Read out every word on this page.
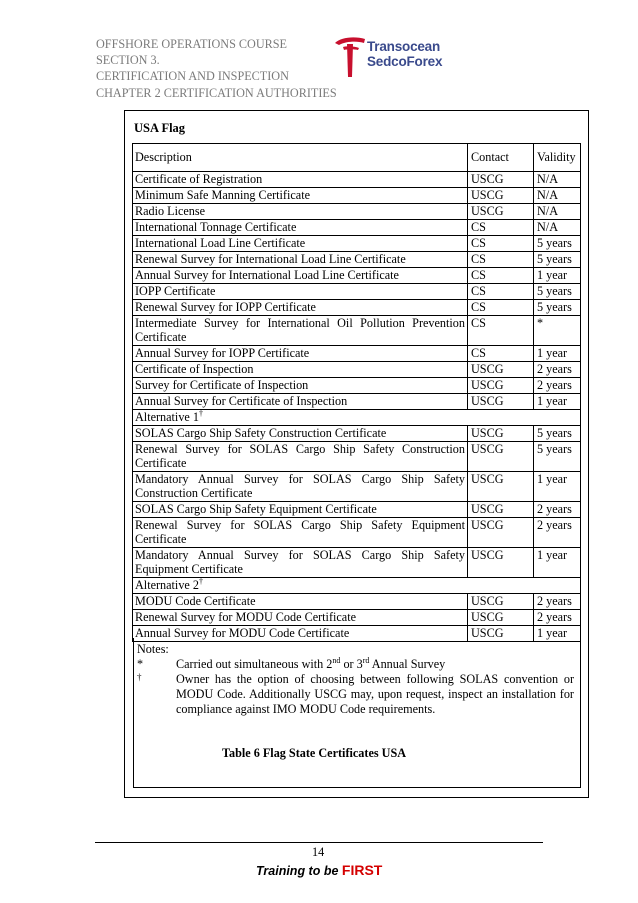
OFFSHORE OPERATIONS COURSE
SECTION 3.
CERTIFICATION AND INSPECTION
CHAPTER 2 CERTIFICATION AUTHORITIES
Transocean
SedcoForex
USA Flag
Description	Contact	Validity
Certificate of Registration	USCG	N/A
Minimum Safe Manning Certificate	USCG	N/A
Radio License	USCG	N/A
International Tonnage Certificate	CS	N/A
International Load Line Certificate	CS	5 years
Renewal Survey for International Load Line Certificate	CS	5 years
Annual Survey for International Load Line Certificate	CS	1 year
IOPP Certificate	CS	5 years
Renewal Survey for IOPP Certificate	CS	5 years
Intermediate Survey for International Oil Pollution Prevention Certificate	CS	*
Annual Survey for IOPP Certificate	CS	1 year
Certificate of Inspection	USCG	2 years
Survey for Certificate of Inspection	USCG	2 years
Annual Survey for Certificate of Inspection	USCG	1 year
Alternative 1†
SOLAS Cargo Ship Safety Construction Certificate	USCG	5 years
Renewal Survey for SOLAS Cargo Ship Safety Construction Certificate	USCG	5 years
Mandatory Annual Survey for SOLAS Cargo Ship Safety Construction Certificate	USCG	1 year
SOLAS Cargo Ship Safety Equipment Certificate	USCG	2 years
Renewal Survey for SOLAS Cargo Ship Safety Equipment Certificate	USCG	2 years
Mandatory Annual Survey for SOLAS Cargo Ship Safety Equipment Certificate	USCG	1 year
Alternative 2†
MODU Code Certificate	USCG	2 years
Renewal Survey for MODU Code Certificate	USCG	2 years
Annual Survey for MODU Code Certificate	USCG	1 year
Notes:
*	Carried out simultaneous with 2nd or 3rd Annual Survey
†	Owner has the option of choosing between following SOLAS convention or MODU Code. Additionally USCG may, upon request, inspect an installation for compliance against IMO MODU Code requirements.
Table 6 Flag State Certificates USA
14
Training to be FIRST
